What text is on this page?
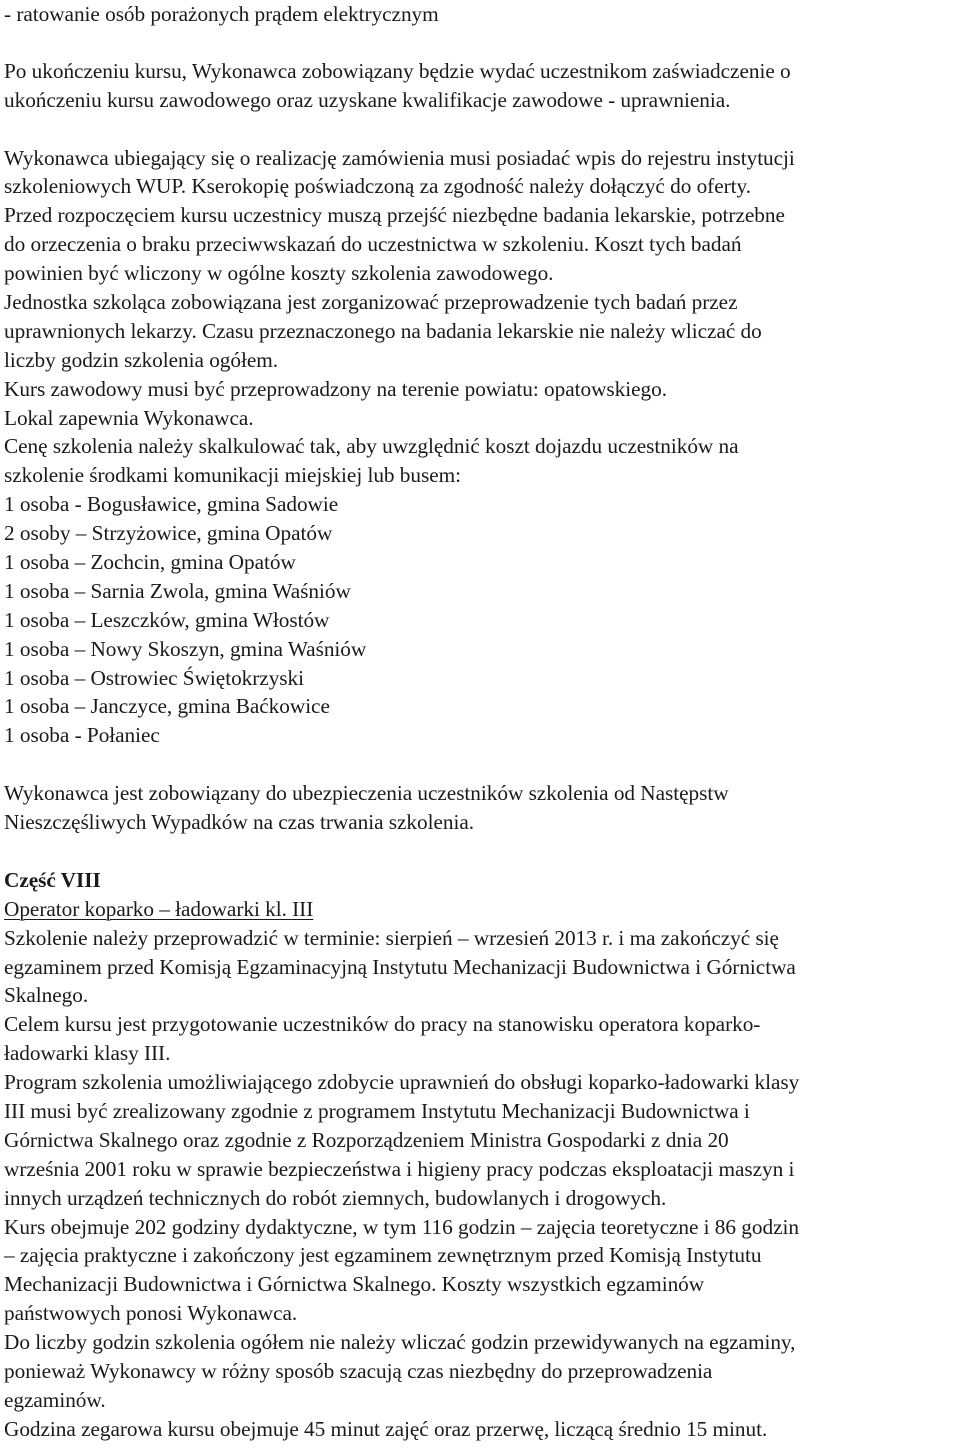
- ratowanie osób porażonych prądem elektrycznym
Po ukończeniu kursu, Wykonawca zobowiązany będzie wydać uczestnikom zaświadczenie o
ukończeniu kursu zawodowego oraz uzyskane kwalifikacje zawodowe - uprawnienia.
Wykonawca ubiegający się o realizację zamówienia musi posiadać wpis do rejestru instytucji
szkoleniowych WUP. Kserokopię poświadczoną za zgodność należy dołączyć do oferty.
Przed rozpoczęciem kursu uczestnicy muszą przejść niezbędne badania lekarskie, potrzebne
do orzeczenia o braku przeciwwskazań do uczestnictwa w szkoleniu. Koszt tych badań
powinien być wliczony w ogólne koszty szkolenia zawodowego.
Jednostka szkoląca zobowiązana jest zorganizować przeprowadzenie tych badań przez
uprawnionych lekarzy. Czasu przeznaczonego na badania lekarskie nie należy wliczać do
liczby godzin szkolenia ogółem.
Kurs zawodowy musi być przeprowadzony na terenie powiatu: opatowskiego.
Lokal zapewnia Wykonawca.
Cenę szkolenia należy skalkulować tak, aby uwzględnić koszt dojazdu uczestników na
szkolenie środkami komunikacji miejskiej lub busem:
1 osoba - Bogusławice, gmina Sadowie
2 osoby – Strzyżowice, gmina Opatów
1 osoba – Zochcin, gmina Opatów
1 osoba – Sarnia Zwola, gmina Waśniów
1 osoba – Leszczków, gmina Włostów
1 osoba – Nowy Skoszyn, gmina Waśniów
1 osoba – Ostrowiec Świętokrzyski
1 osoba – Janczyce, gmina Baćkowice
1 osoba - Połaniec
Wykonawca jest zobowiązany do ubezpieczenia uczestników szkolenia od Następstw
Nieszczęśliwych Wypadków na czas trwania szkolenia.
Część VIII
Operator koparko – ładowarki kl. III
Szkolenie należy przeprowadzić w terminie: sierpień – wrzesień 2013 r. i ma zakończyć się
egzaminem przed Komisją Egzaminacyjną Instytutu Mechanizacji Budownictwa i Górnictwa
Skalnego.
Celem kursu jest przygotowanie uczestników do pracy na stanowisku operatora koparko-
ładowarki klasy III.
Program szkolenia umożliwiającego zdobycie uprawnień do obsługi koparko-ładowarki klasy
III musi być zrealizowany zgodnie z programem Instytutu Mechanizacji Budownictwa i
Górnictwa Skalnego oraz zgodnie z Rozporządzeniem Ministra Gospodarki z dnia 20
września 2001 roku w sprawie bezpieczeństwa i higieny pracy podczas eksploatacji maszyn i
innych urządzeń technicznych do robót ziemnych, budowlanych i drogowych.
Kurs obejmuje 202 godziny dydaktyczne, w tym 116 godzin – zajęcia teoretyczne i 86 godzin
– zajęcia praktyczne i zakończony jest egzaminem zewnętrznym przed Komisją Instytutu
Mechanizacji Budownictwa i Górnictwa Skalnego. Koszty wszystkich egzaminów
państwowych ponosi Wykonawca.
Do liczby godzin szkolenia ogółem nie należy wliczać godzin przewidywanych na egzaminy,
ponieważ Wykonawcy w różny sposób szacują czas niezbędny do przeprowadzenia
egzaminów.
Godzina zegarowa kursu obejmuje 45 minut zajęć oraz przerwę, liczącą średnio 15 minut.
